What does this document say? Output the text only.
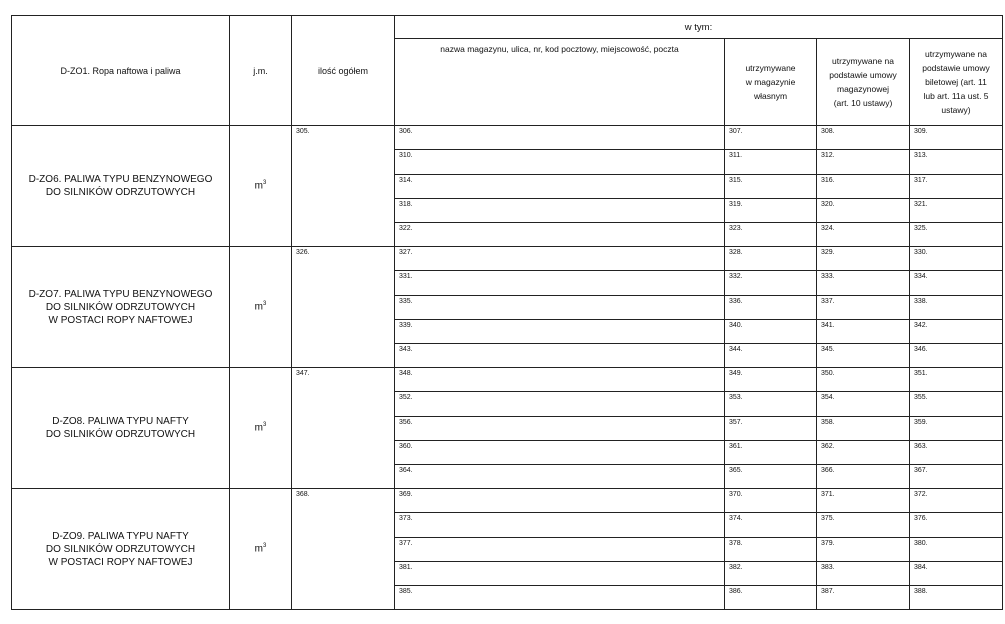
D-ZO1. Ropa naftowa i paliwa	j.m.	ilość ogółem	w tym:			
			nazwa magazynu, ulica, nr, kod pocztowy, miejscowość, poczta	utrzymywane
w magazynie
własnym	utrzymywane na
podstawie umowy
magazynowej
(art. 10 ustawy)	utrzymywane na
podstawie umowy
biletowej (art. 11
lub art. 11a ust. 5
ustawy)

D-ZO6. PALIWA TYPU BENZYNOWEGO
DO SILNIKÓW ODRZUTOWYCH	$m^3$	305.	306.	307.	308.	309.
			310.	311.	312.	313.
			314.	315.	316.	317.
			318.	319.	320.	321.
			322.	323.	324.	325.

D-ZO7. PALIWA TYPU BENZYNOWEGO
DO SILNIKÓW ODRZUTOWYCH
W POSTACI ROPY NAFTOWEJ	$m^3$	326.	327.	328.	329.	330.
			331.	332.	333.	334.
			335.	336.	337.	338.
			339.	340.	341.	342.
			343.	344.	345.	346.

D-ZO8. PALIWA TYPU NAFTY
DO SILNIKÓW ODRZUTOWYCH	$m^3$	347.	348.	349.	350.	351.
			352.	353.	354.	355.
			356.	357.	358.	359.
			360.	361.	362.	363.
			364.	365.	366.	367.

D-ZO9. PALIWA TYPU NAFTY
DO SILNIKÓW ODRZUTOWYCH
W POSTACI ROPY NAFTOWEJ	$m^3$	368.	369.	370.	371.	372.
			373.	374.	375.	376.
			377.	378.	379.	380.
			381.	382.	383.	384.
			385.	386.	387.	388.
